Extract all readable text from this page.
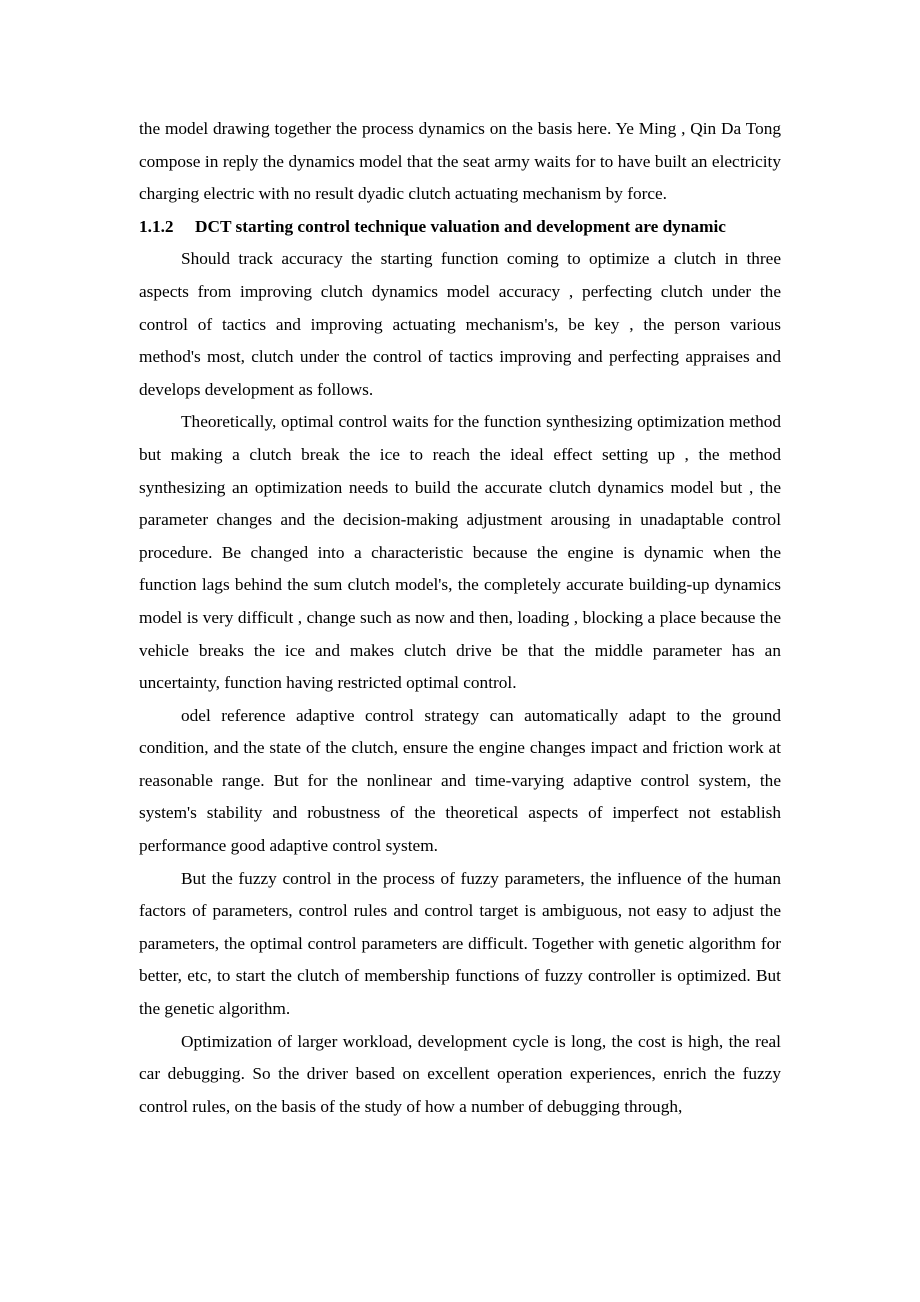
the model drawing together the process dynamics on the basis here. Ye Ming , Qin Da Tong compose in reply the dynamics model that the seat army waits for to have built an electricity charging electric with no result dyadic clutch actuating mechanism by force.

1.1.2	DCT starting control technique valuation and development are dynamic

Should track accuracy the starting function coming to optimize a clutch in three aspects from improving clutch dynamics model accuracy , perfecting clutch under the control of tactics and improving actuating mechanism's, be key , the person various method's most, clutch under the control of tactics improving and perfecting appraises and develops development as follows.

Theoretically, optimal control waits for the function synthesizing optimization method but making a clutch break the ice to reach the ideal effect setting up , the method synthesizing an optimization needs to build the accurate clutch dynamics model but , the parameter changes and the decision-making adjustment arousing in unadaptable control procedure. Be changed into a characteristic because the engine is dynamic when the function lags behind the sum clutch model's, the completely accurate building-up dynamics model is very difficult , change such as now and then, loading , blocking a place because the vehicle breaks the ice and makes clutch drive be that the middle parameter has an uncertainty, function having restricted optimal control.

odel reference adaptive control strategy can automatically adapt to the ground condition, and the state of the clutch, ensure the engine changes impact and friction work at reasonable range. But for the nonlinear and time-varying adaptive control system, the system's stability and robustness of the theoretical aspects of imperfect not establish performance good adaptive control system.

But the fuzzy control in the process of fuzzy parameters, the influence of the human factors of parameters, control rules and control target is ambiguous, not easy to adjust the parameters, the optimal control parameters are difficult. Together with genetic algorithm for better, etc, to start the clutch of membership functions of fuzzy controller is optimized. But the genetic algorithm.

Optimization of larger workload, development cycle is long, the cost is high, the real car debugging. So the driver based on excellent operation experiences, enrich the fuzzy control rules, on the basis of the study of how a number of debugging through,
